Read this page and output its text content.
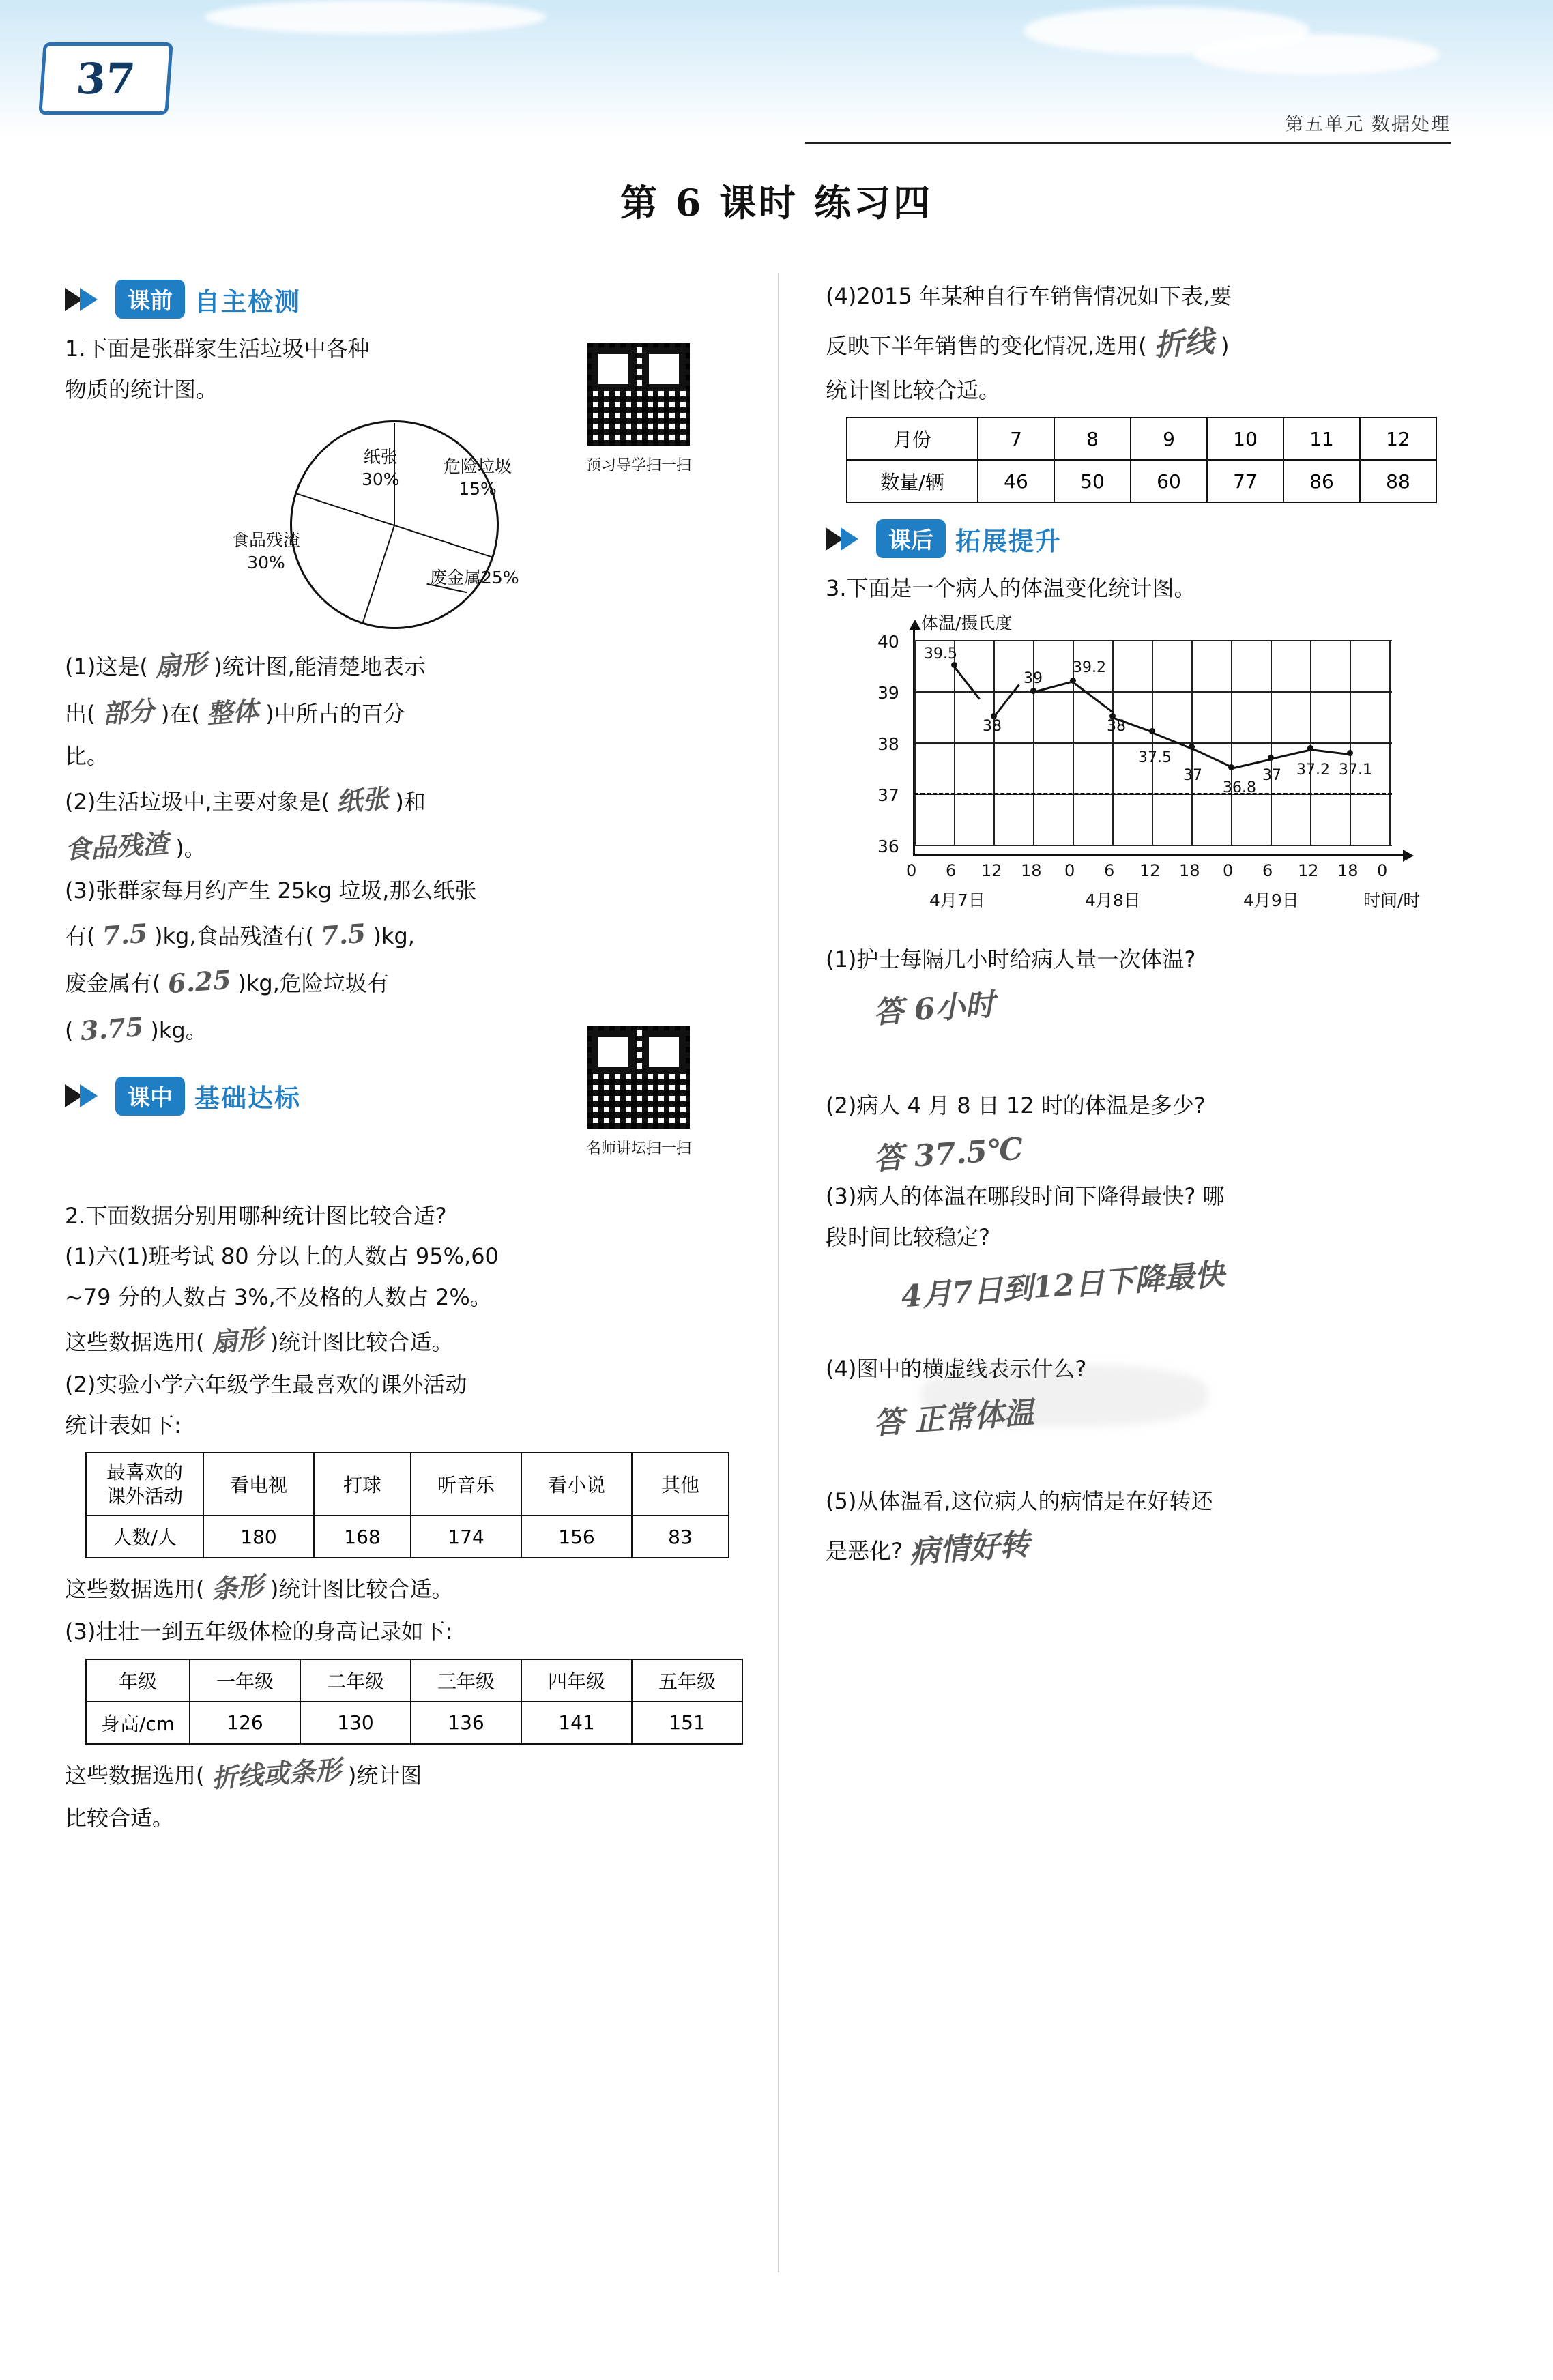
37
第五单元 数据处理
第 6 课时 练习四
课前 自主检测
预习导学扫一扫

1.下面是张群家生活垃圾中各种

物质的统计图。

纸张
30%
危险垃圾
15%
废金属25%
食品残渣
30%

(1)这是( 扇形 )统计图,能清楚地表示

出( 部分 )在( 整体 )中所占的百分

比。

(2)生活垃圾中,主要对象是( 纸张 )和

食品残渣 )。

(3)张群家每月约产生 25kg 垃圾,那么纸张

有( 7.5 )kg,食品残渣有( 7.5 )kg,

废金属有( 6.25 )kg,危险垃圾有

( 3.75 )kg。

名师讲坛扫一扫
课中 基础达标

2.下面数据分别用哪种统计图比较合适?

(1)六(1)班考试 80 分以上的人数占 95%,60

~79 分的人数占 3%,不及格的人数占 2%。

这些数据选用( 扇形 )统计图比较合适。

(2)实验小学六年级学生最喜欢的课外活动

统计表如下:

最喜欢的
课外活动	看电视	打球	听音乐	看小说	其他
人数/人	180	168	174	156	83

这些数据选用( 条形 )统计图比较合适。

(3)壮壮一到五年级体检的身高记录如下:

年级	一年级	二年级	三年级	四年级	五年级
身高/cm	126	130	136	141	151

这些数据选用( 折线或条形 )统计图

比较合适。

(4)2015 年某种自行车销售情况如下表,要

反映下半年销售的变化情况,选用( 折线 )

统计图比较合适。

月份	7	8	9	10	11	12
数量/辆	46	50	60	77	86	88
课后 拓展提升

3.下面是一个病人的体温变化统计图。

体温/摄氏度
40
39
38
37
36
39.5
38
39
39.2
38
37.5
37
36.8
37 37.2 37.1
0 6 12 18 0 6 12 18 0 6 12 18 0
4月7日	4月8日	4月9日	时间/时

(1)护士每隔几小时给病人量一次体温?

答 6小时

(2)病人 4 月 8 日 12 时的体温是多少?

答 37.5℃

(3)病人的体温在哪段时间下降得最快? 哪

段时间比较稳定?

4月7日到12日下降最快

(4)图中的横虚线表示什么?

答 正常体温

(5)从体温看,这位病人的病情是在好转还

是恶化? 病情好转
